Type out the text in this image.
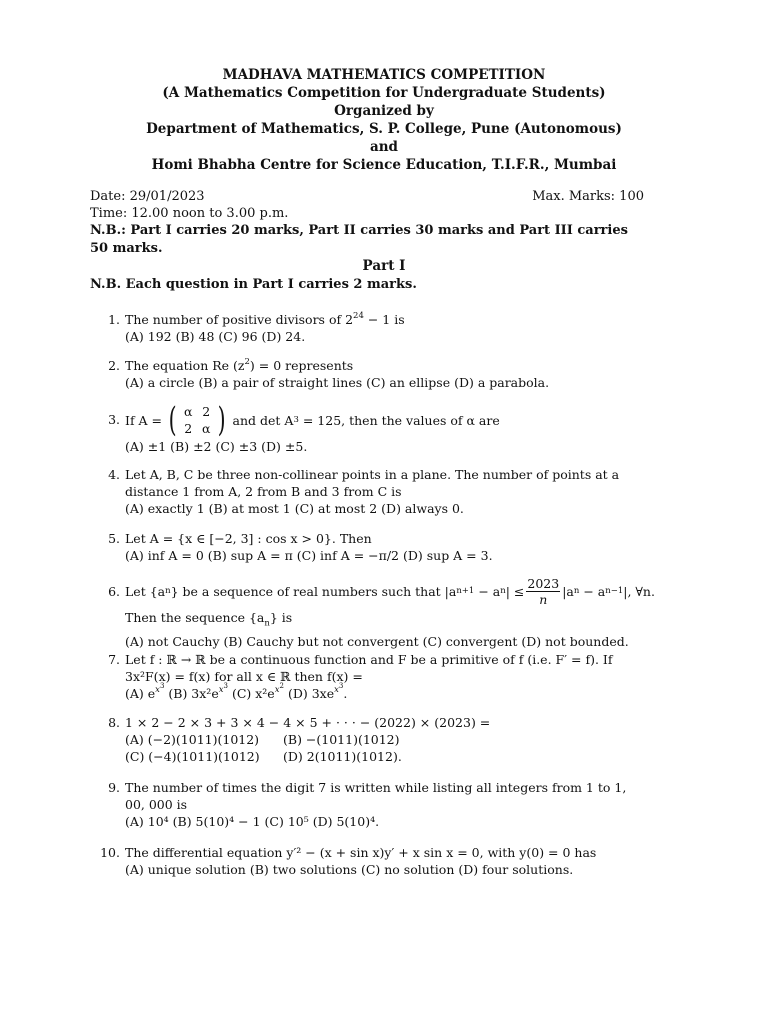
MADHAVA MATHEMATICS COMPETITION
(A Mathematics Competition for Undergraduate Students)
Organized by
Department of Mathematics, S. P. College, Pune (Autonomous)
and
Homi Bhabha Centre for Science Education, T.I.F.R., Mumbai
Date: 29/01/2023	Max. Marks: 100
Time: 12.00 noon to 3.00 p.m.
N.B.: Part I carries 20 marks, Part II carries 30 marks and Part III carries 50 marks.
Part I
N.B. Each question in Part I carries 2 marks.
1. The number of positive divisors of $2^{24} - 1$ is
(A) 192 (B) 48 (C) 96 (D) 24.
2. The equation Re $(z^2) = 0$ represents
(A) a circle (B) a pair of straight lines (C) an ellipse (D) a parabola.
3. If A = ( α 2
2 α ) and det A 3 = 125, then the values of α are
(A) ±1 (B) ±2 (C) ±3 (D) ±5.
4. Let A, B, C be three non-collinear points in a plane. The number of points at a distance 1 from A, 2 from B and 3 from C is
(A) exactly 1 (B) at most 1 (C) at most 2 (D) always 0.
5. Let A = {x ∈ [−2, 3] : cos x > 0}. Then
(A) inf A = 0 (B) sup A = π (C) inf A = −π/2 (D) sup A = 3.
6. Let {a n } be a sequence of real numbers such that |a n+1 − a n | ≤ $\frac{2023}{n} |a$ n − a n−1 |, ∀n.
Then the sequence $\{a_n\}$ is
(A) not Cauchy (B) Cauchy but not convergent (C) convergent (D) not bounded.
7. Let f : ℝ → ℝ be a continuous function and F be a primitive of f (i.e. F′ = f). If
3x²F(x) = f(x) for all x ∈ ℝ then f(x) =
(A) $e^{x^3}$ (B) $3x^2e^{x^3}$ (C) $x^2e^{x^2}$ (D) $3xe^{x^3}$.
8. 1 × 2 − 2 × 3 + 3 × 4 − 4 × 5 + · · · − (2022) × (2023) =
(A) (−2)(1011)(1012)	(B) −(1011)(1012)
(C) (−4)(1011)(1012)	(D) 2(1011)(1012).
9. The number of times the digit 7 is written while listing all integers from 1 to 1, 00, 000 is
(A) 10⁴ (B) 5(10)⁴ − 1 (C) 10⁵ (D) 5(10)⁴.
10. The differential equation y′² − (x + sin x)y′ + x sin x = 0, with y(0) = 0 has
(A) unique solution (B) two solutions (C) no solution (D) four solutions.
